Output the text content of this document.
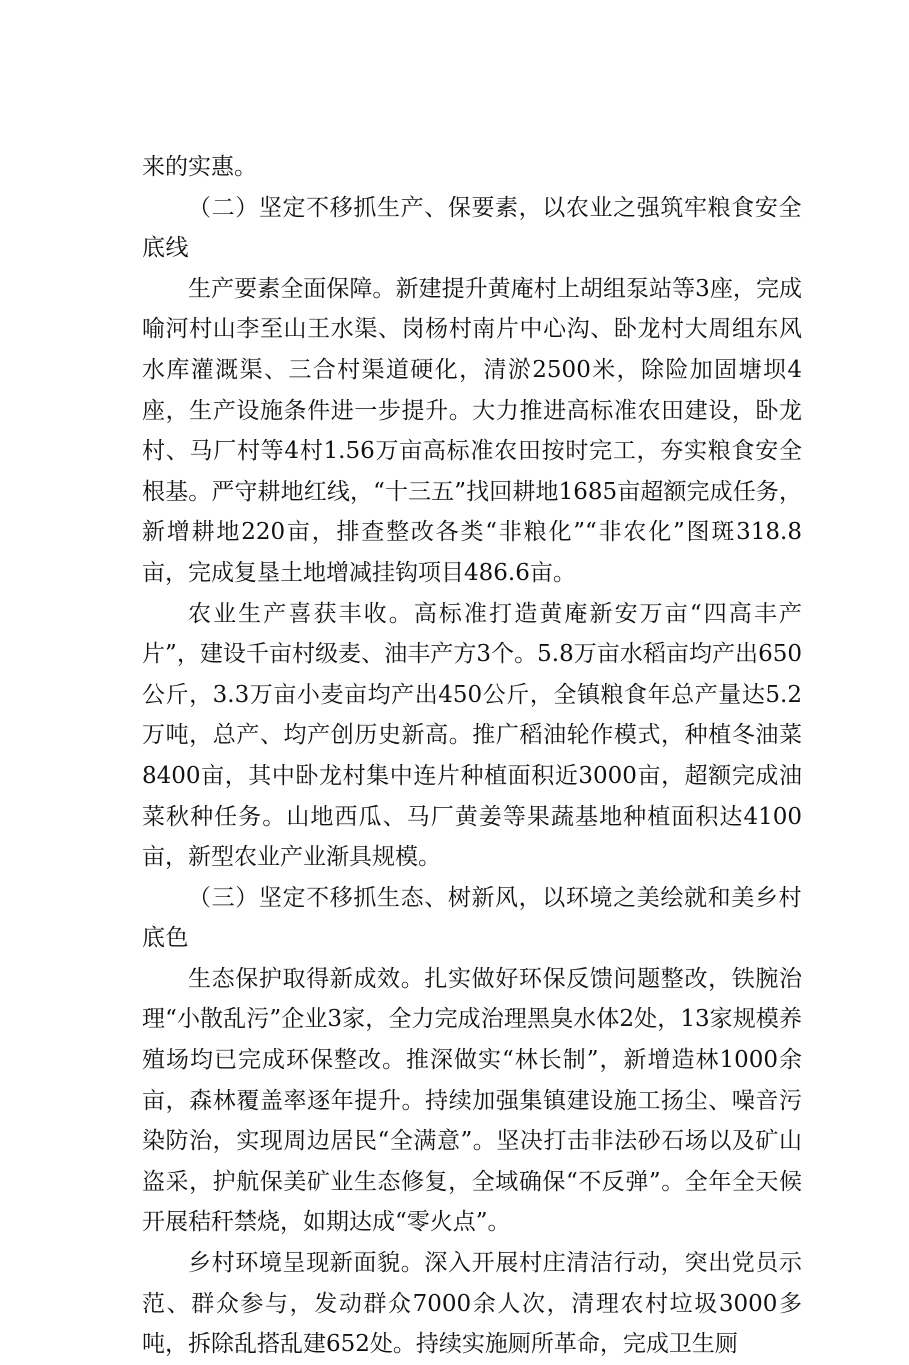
来的实惠。

（二）坚定不移抓生产、保要素，以农业之强筑牢粮食安全底线

生产要素全面保障。新建提升黄庵村上胡组泵站等3座，完成喻河村山李至山王水渠、岗杨村南片中心沟、卧龙村大周组东风水库灌溉渠、三合村渠道硬化，清淤2500米，除险加固塘坝4座，生产设施条件进一步提升。大力推进高标准农田建设，卧龙村、马厂村等4村1.56万亩高标准农田按时完工，夯实粮食安全根基。严守耕地红线，“十三五”找回耕地1685亩超额完成任务，新增耕地220亩，排查整改各类“非粮化”“非农化”图斑318.8亩，完成复垦土地增减挂钩项目486.6亩。

农业生产喜获丰收。高标准打造黄庵新安万亩“四高丰产片”，建设千亩村级麦、油丰产方3个。5.8万亩水稻亩均产出650公斤，3.3万亩小麦亩均产出450公斤，全镇粮食年总产量达5.2万吨，总产、均产创历史新高。推广稻油轮作模式，种植冬油菜8400亩，其中卧龙村集中连片种植面积近3000亩，超额完成油菜秋种任务。山地西瓜、马厂黄姜等果蔬基地种植面积达4100亩，新型农业产业渐具规模。

（三）坚定不移抓生态、树新风，以环境之美绘就和美乡村底色

生态保护取得新成效。扎实做好环保反馈问题整改，铁腕治理“小散乱污”企业3家，全力完成治理黑臭水体2处，13家规模养殖场均已完成环保整改。推深做实“林长制”，新增造林1000余亩，森林覆盖率逐年提升。持续加强集镇建设施工扬尘、噪音污染防治，实现周边居民“全满意”。坚决打击非法砂石场以及矿山盗采，护航保美矿业生态修复，全域确保“不反弹”。全年全天候开展秸秆禁烧，如期达成“零火点”。

乡村环境呈现新面貌。深入开展村庄清洁行动，突出党员示范、群众参与，发动群众7000余人次，清理农村垃圾3000多吨，拆除乱搭乱建652处。持续实施厕所革命，完成卫生厕
